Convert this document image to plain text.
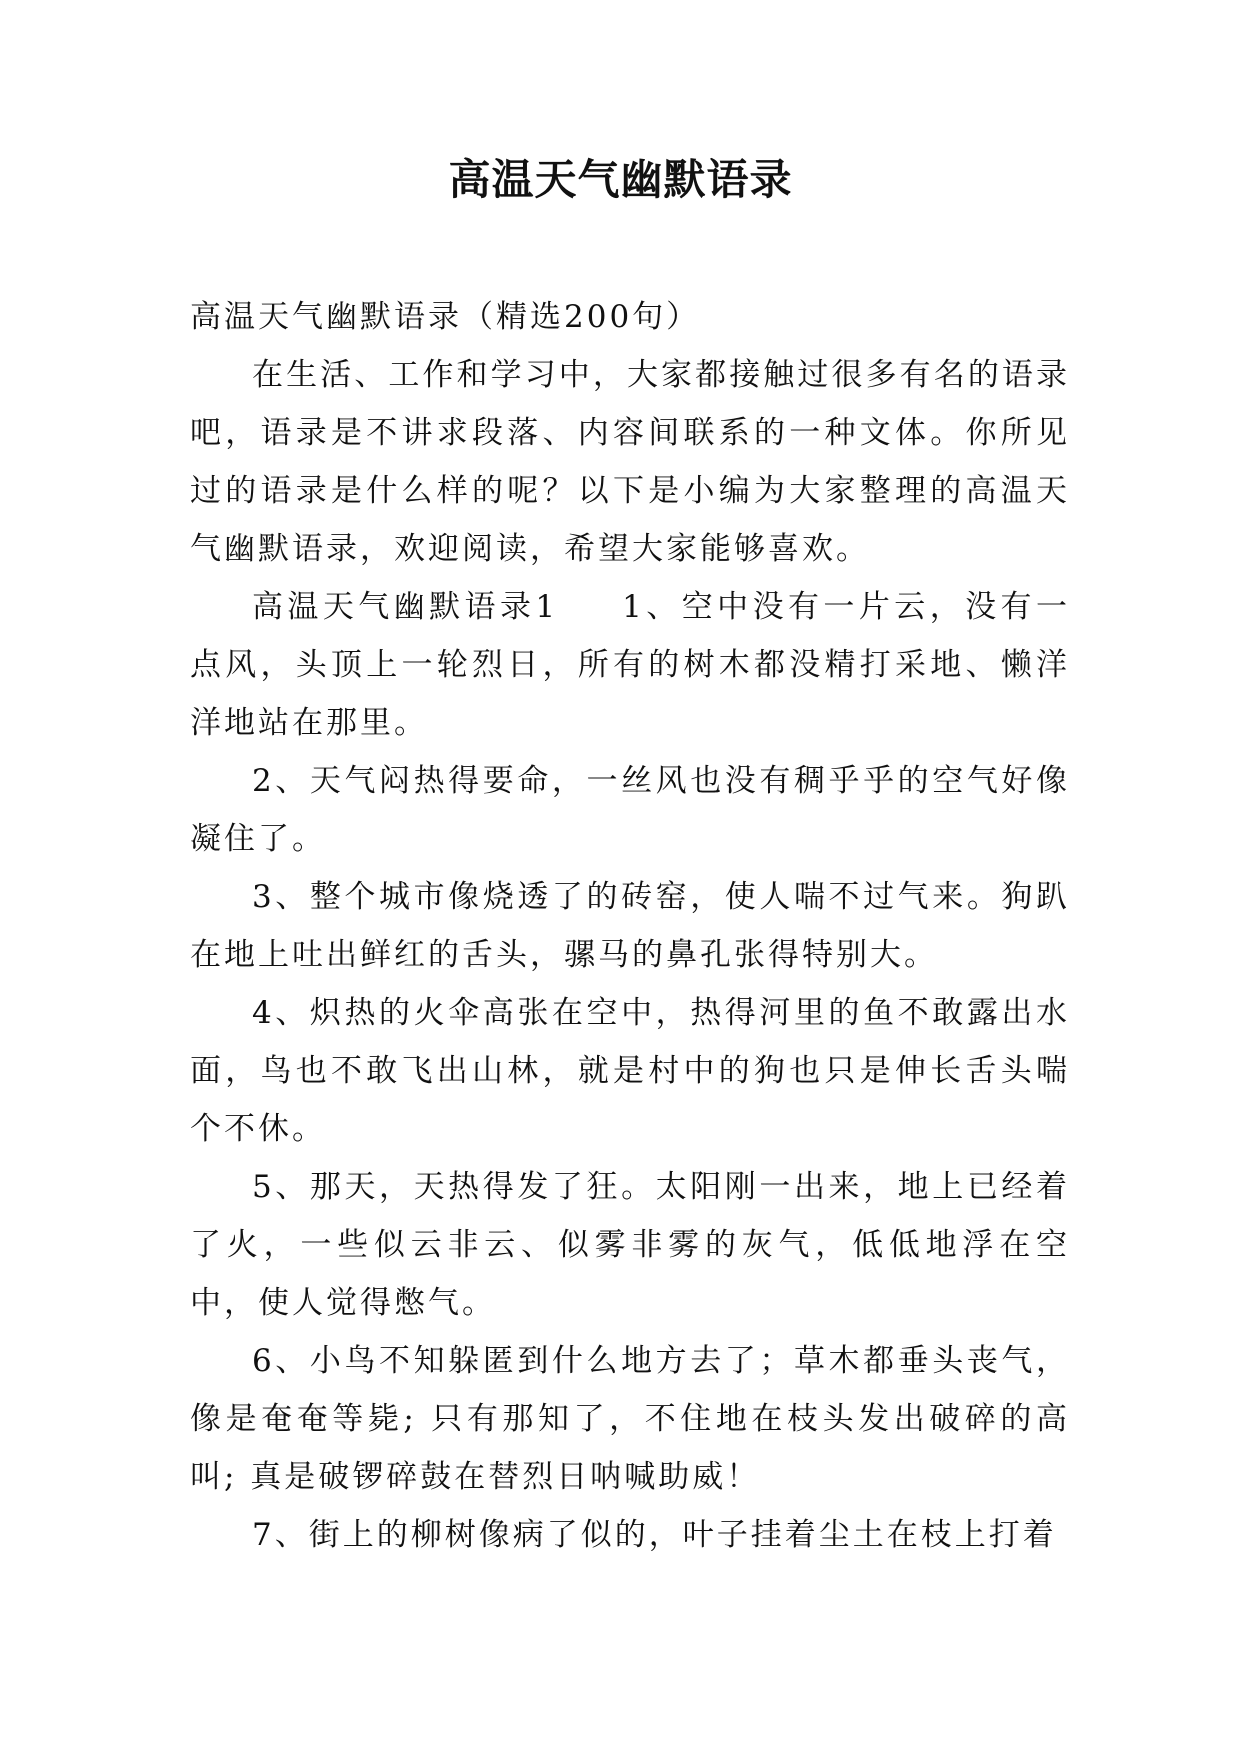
高温天气幽默语录

高温天气幽默语录（精选200句）

在生活、工作和学习中，大家都接触过很多有名的语录吧，语录是不讲求段落、内容间联系的一种文体。你所见过的语录是什么样的呢？以下是小编为大家整理的高温天气幽默语录，欢迎阅读，希望大家能够喜欢。

高温天气幽默语录1 1、空中没有一片云，没有一点风，头顶上一轮烈日，所有的树木都没精打采地、懒洋洋地站在那里。

2、天气闷热得要命，一丝风也没有稠乎乎的空气好像凝住了。

3、整个城市像烧透了的砖窑，使人喘不过气来。狗趴在地上吐出鲜红的舌头，骡马的鼻孔张得特别大。

4、炽热的火伞高张在空中，热得河里的鱼不敢露出水面，鸟也不敢飞出山林，就是村中的狗也只是伸长舌头喘个不休。

5、那天，天热得发了狂。太阳刚一出来，地上已经着了火，一些似云非云、似雾非雾的灰气，低低地浮在空中，使人觉得憋气。

6、小鸟不知躲匿到什么地方去了；草木都垂头丧气，像是奄奄等毙; 只有那知了，不住地在枝头发出破碎的高叫; 真是破锣碎鼓在替烈日呐喊助威！

7、街上的柳树像病了似的，叶子挂着尘土在枝上打着
